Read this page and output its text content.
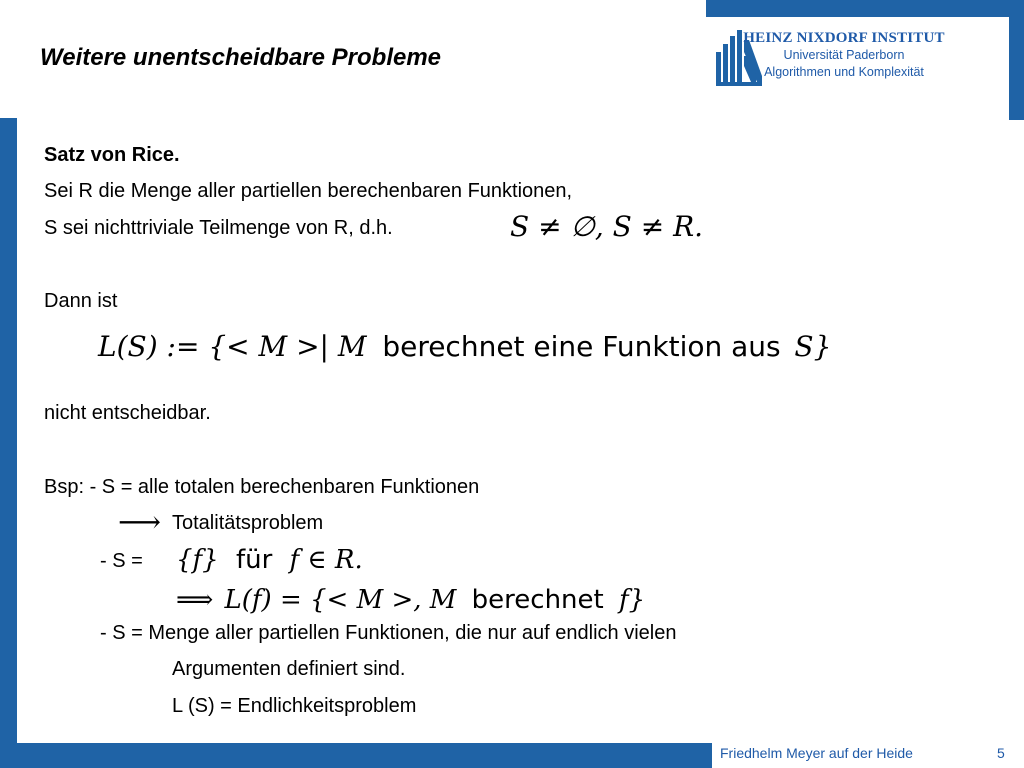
Weitere unentscheidbare Probleme
HEINZ NIXDORF INSTITUT
Universität Paderborn
Algorithmen und Komplexität
Satz von Rice.
Sei R die Menge aller partiellen berechenbaren Funktionen,
S sei nichttriviale Teilmenge von R, d.h.	S ≠ ∅, S ≠ R.
Dann ist
L(S) := {< M >| M berechnet eine Funktion aus S}
nicht entscheidbar.
Bsp: - S = alle totalen berechenbaren Funktionen
⟶ Totalitätsproblem
- S = {f} für f ∈ R.
⟹ L(f) = {< M >, M berechnet f}
- S = Menge aller partiellen Funktionen, die nur auf endlich vielen
Argumenten definiert sind.
L (S) = Endlichkeitsproblem
Friedhelm Meyer auf der Heide	5
